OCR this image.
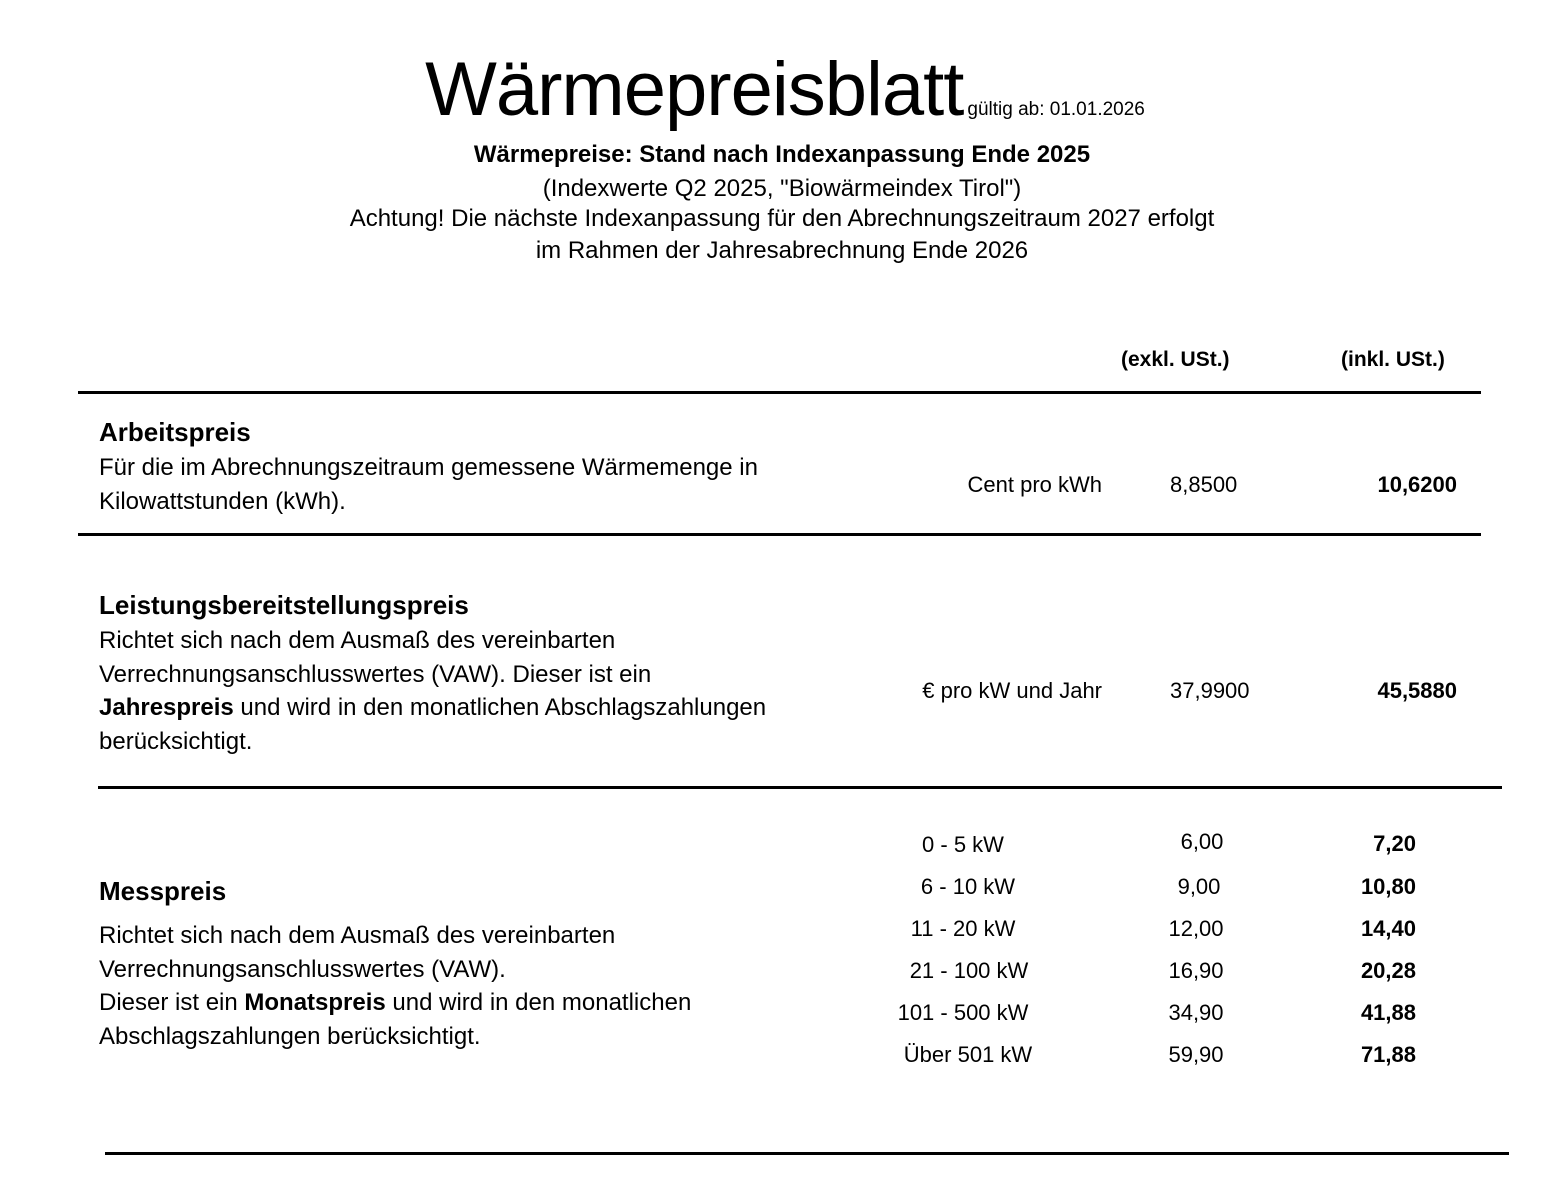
Wärmepreisblatt gültig ab: 01.01.2026
Wärmepreise: Stand nach Indexanpassung Ende 2025
(Indexwerte Q2 2025, "Biowärmeindex Tirol")
Achtung! Die nächste Indexanpassung für den Abrechnungszeitraum 2027 erfolgt
im Rahmen der Jahresabrechnung Ende 2026
(exkl. USt.)	(inkl. USt.)
Arbeitspreis
Für die im Abrechnungszeitraum gemessene Wärmemenge in
Kilowattstunden (kWh).
Cent pro kWh	8,8500	10,6200
Leistungsbereitstellungspreis
Richtet sich nach dem Ausmaß des vereinbarten
Verrechnungsanschlusswertes (VAW). Dieser ist ein
Jahrespreis und wird in den monatlichen Abschlagszahlungen
berücksichtigt.
€ pro kW und Jahr	37,9900	45,5880
Messpreis
Richtet sich nach dem Ausmaß des vereinbarten
Verrechnungsanschlusswertes (VAW).
Dieser ist ein Monatspreis und wird in den monatlichen
Abschlagszahlungen berücksichtigt.
0 - 5 kW	6,00	7,20
6 - 10 kW	9,00	10,80
11 - 20 kW	12,00	14,40
21 - 100 kW	16,90	20,28
101 - 500 kW	34,90	41,88
Über 501 kW	59,90	71,88
